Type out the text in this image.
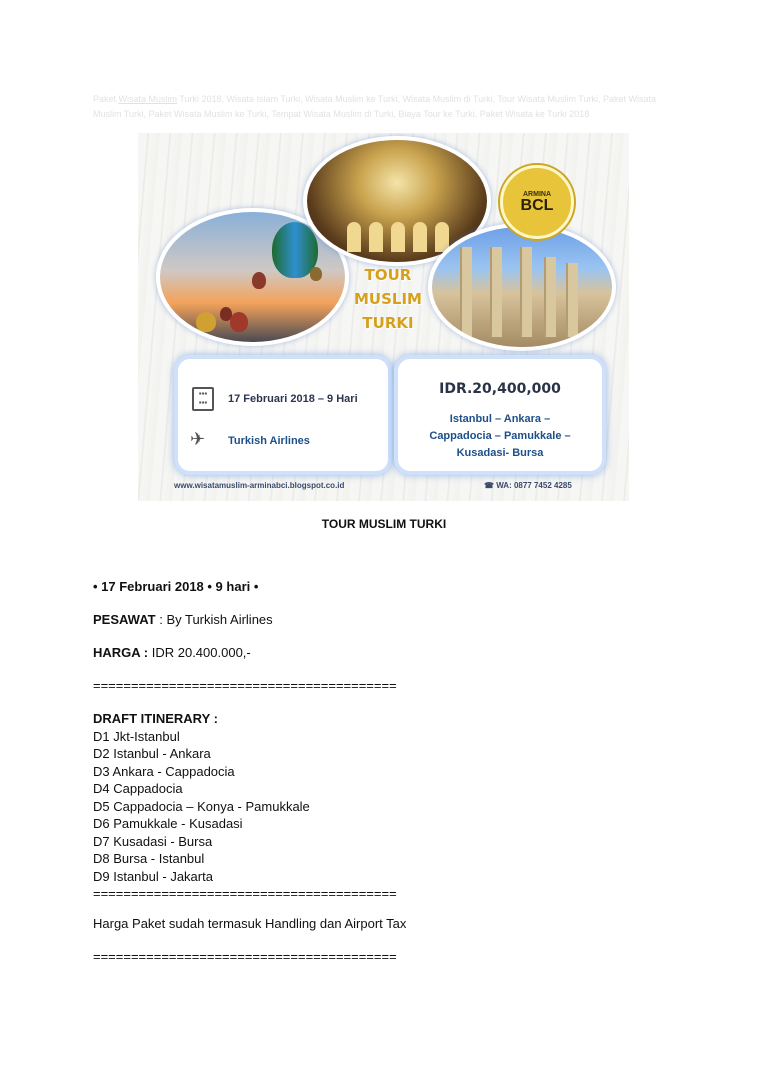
Paket Wisata Muslim Turki 2018, Wisata Islam Turki, Wisata Muslim ke Turki, Wisata Muslim di Turki, Tour Wisata Muslim Turki, Paket Wisata Muslim Turki, Paket Wisata Muslim ke Turki, Tempat Wisata Muslim di Turki, Biaya Tour ke Turki, Paket Wisata ke Turki 2018
ARMINA
BCL
TOUR
MUSLIM
TURKI
▪▪▪
▪▪▪	17 Februari 2018 – 9 Hari
✈ Turkish Airlines
IDR.20,400,000
Istanbul – Ankara –
Cappadocia – Pamukkale –
Kusadasi- Bursa
www.wisatamuslim-arminabci.blogspot.co.id	☎ WA: 0877 7452 4285
TOUR MUSLIM TURKI
• 17 Februari 2018 • 9 hari •
PESAWAT : By Turkish Airlines
HARGA : IDR 20.400.000,-
========================================

DRAFT ITINERARY :

D1 Jkt-Istanbul

D2 Istanbul - Ankara

D3 Ankara - Cappadocia

D4 Cappadocia

D5 Cappadocia – Konya - Pamukkale

D6 Pamukkale - Kusadasi

D7 Kusadasi - Bursa

D8 Bursa - Istanbul

D9 Istanbul - Jakarta

========================================

Harga Paket sudah termasuk Handling dan Airport Tax
========================================
